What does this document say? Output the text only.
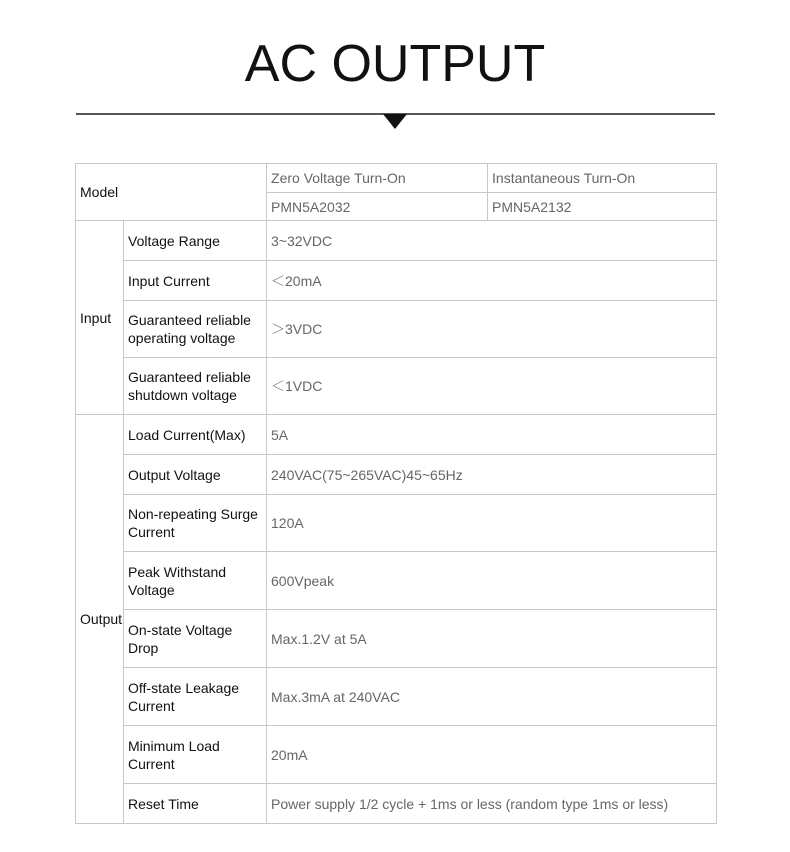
AC OUTPUT
Model		Zero Voltage Turn-On	Instantaneous Turn-On
		PMN5A2032	PMN5A2132
Input	Voltage Range	3~32VDC	
	Input Current	＜20mA	
	Guaranteed reliable operating voltage	＞3VDC	
	Guaranteed reliable shutdown voltage	＜1VDC	
Output	Load Current(Max)	5A	
	Output Voltage	240VAC(75~265VAC)45~65Hz	
	Non-repeating Surge Current	120A	
	Peak Withstand Voltage	600Vpeak	
	On-state Voltage Drop	Max.1.2V at 5A	
	Off-state Leakage Current	Max.3mA at 240VAC	
	Minimum Load Current	20mA	
	Reset Time	Power supply 1/2 cycle + 1ms or less (random type 1ms or less)	
